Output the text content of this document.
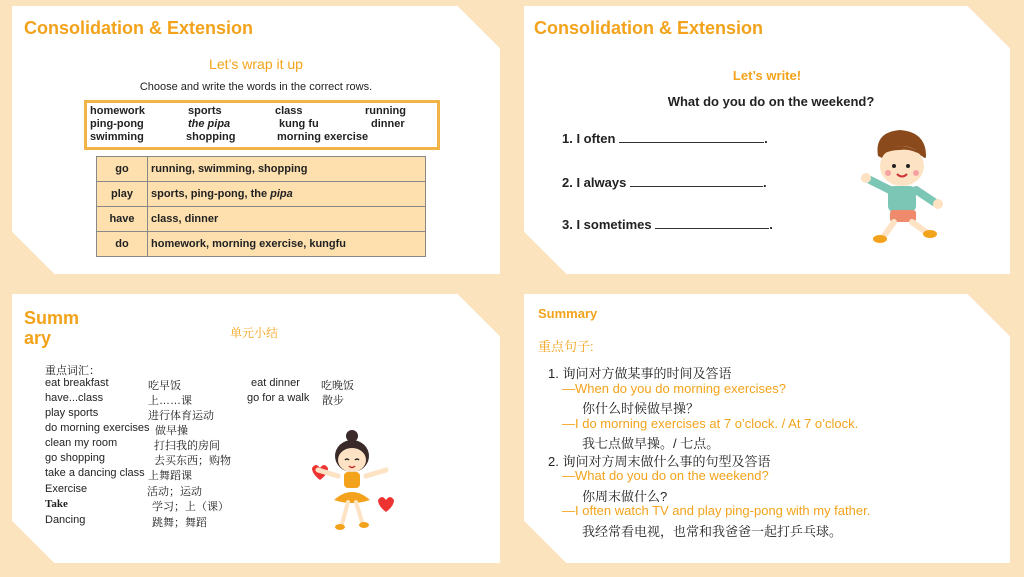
Consolidation & Extension
Let’s wrap it up
Choose and write the words in the correct rows.
homework	sports	class	running
ping-pong	the pipa	kung fu	dinner
swimming	shopping	morning exercise
go	running, swimming, shopping
play	sports, ping-pong, the pipa
have	class, dinner
do	homework, morning exercise, kungfu
Consolidation & Extension
Let’s write!
What do you do on the weekend?
1. I often	.
2. I always	.
3. I sometimes	.
Summ
ary	单元小结
重点词汇：
eat breakfast	吃早饭
have...class	上……课
play sports	进行体育运动
do morning exercises 做早操
clean my room	打扫我的房间
go shopping	去买东西；购物
take a dancing class 上舞蹈课
Exercise	活动；运动
Take	学习；上（课）
Dancing	跳舞；舞蹈
eat dinner 吃晚饭
go for a walk 散步
Summary
重点句子:
1. 询问对方做某事的时间及答语
—When do you do morning exercises?
你什么时候做早操？
—I do morning exercises at 7 o’clock. / At 7 o’clock.
我七点做早操。/ 七点。
2. 询问对方周末做什么事的句型及答语
—What do you do on the weekend?
你周末做什么?
—I often watch TV and play ping-pong with my father.
我经常看电视，也常和我爸爸一起打乒乓球。
